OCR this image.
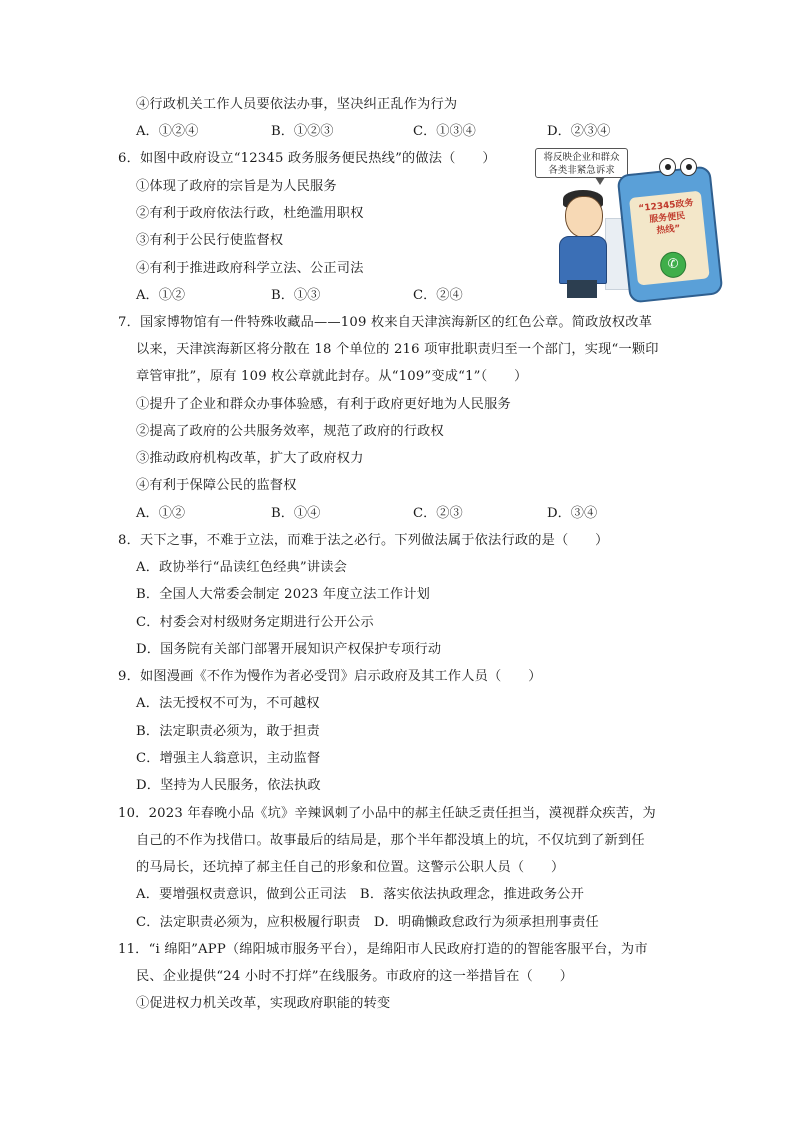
④行政机关工作人员要依法办事，坚决纠正乱作为行为
A．①②④	B．①②③	C．①③④	D．②③④
6．如图中政府设立“12345 政务服务便民热线”的做法（　　）
①体现了政府的宗旨是为人民服务
②有利于政府依法行政，杜绝滥用职权
③有利于公民行使监督权
④有利于推进政府科学立法、公正司法
A．①②	B．①③	C．②④
将反映企业和群众
各类非紧急诉求
“12345政务
服务便民
热线”
✆
7．国家博物馆有一件特殊收藏品——109 枚来自天津滨海新区的红色公章。简政放权改革
以来，天津滨海新区将分散在 18 个单位的 216 项审批职责归至一个部门，实现“一颗印
章管审批”，原有 109 枚公章就此封存。从“109”变成“1”（　　）
①提升了企业和群众办事体验感，有利于政府更好地为人民服务
②提高了政府的公共服务效率，规范了政府的行政权
③推动政府机构改革，扩大了政府权力
④有利于保障公民的监督权
A．①②	B．①④	C．②③	D．③④
8．天下之事，不难于立法，而难于法之必行。下列做法属于依法行政的是（　　）
A．政协举行“品读红色经典”讲读会
B．全国人大常委会制定 2023 年度立法工作计划
C．村委会对村级财务定期进行公开公示
D．国务院有关部门部署开展知识产权保护专项行动
9．如图漫画《不作为慢作为者必受罚》启示政府及其工作人员（　　）
A．法无授权不可为，不可越权
B．法定职责必须为，敢于担责
C．增强主人翁意识，主动监督
D．坚持为人民服务，依法执政
10．2023 年春晚小品《坑》辛辣讽刺了小品中的郝主任缺乏责任担当，漠视群众疾苦，为
自己的不作为找借口。故事最后的结局是，那个半年都没填上的坑，不仅坑到了新到任
的马局长，还坑掉了郝主任自己的形象和位置。这警示公职人员（　　）
A．要增强权责意识，做到公正司法　B．落实依法执政理念，推进政务公开
C．法定职责必须为，应积极履行职责　D．明确懒政怠政行为须承担刑事责任
11．“i 绵阳”APP（绵阳城市服务平台），是绵阳市人民政府打造的的智能客服平台，为市
民、企业提供“24 小时不打烊”在线服务。市政府的这一举措旨在（　　）
①促进权力机关改革，实现政府职能的转变
